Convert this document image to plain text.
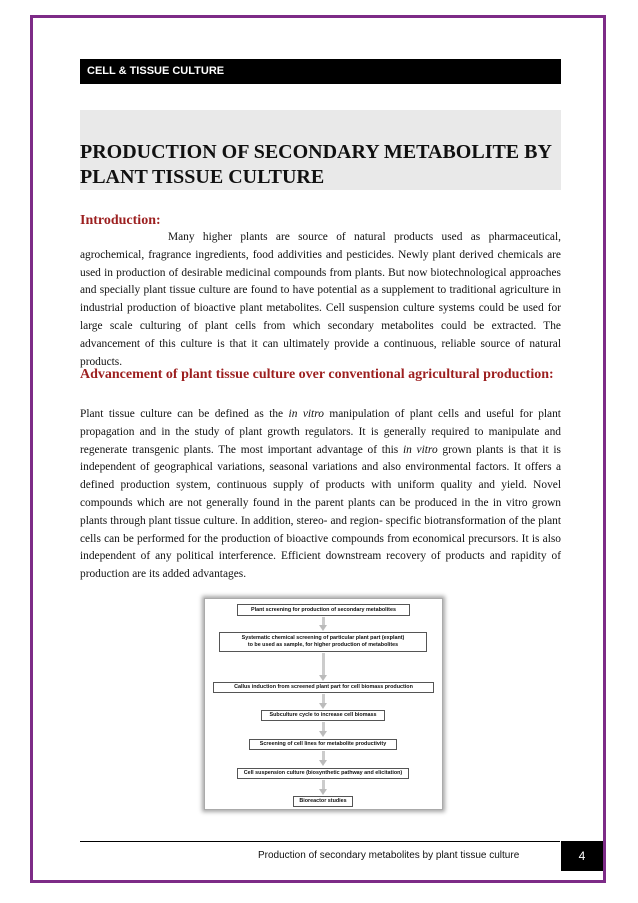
CELL & TISSUE CULTURE
PRODUCTION OF SECONDARY METABOLITE BY PLANT TISSUE CULTURE
Introduction:

Many higher plants are source of natural products used as pharmaceutical, agrochemical, fragrance ingredients, food addivities and pesticides. Newly plant derived chemicals are used in production of desirable medicinal compounds from plants. But now biotechnological approaches and specially plant tissue culture are found to have potential as a supplement to traditional agriculture in industrial production of bioactive plant metabolites. Cell suspension culture systems could be used for large scale culturing of plant cells from which secondary metabolites could be extracted. The advancement of this culture is that it can ultimately provide a continuous, reliable source of natural products.

Advancement of plant tissue culture over conventional agricultural production:

Plant tissue culture can be defined as the in vitro manipulation of plant cells and useful for plant propagation and in the study of plant growth regulators. It is generally required to manipulate and regenerate transgenic plants. The most important advantage of this in vitro grown plants is that it is independent of geographical variations, seasonal variations and also environmental factors. It offers a defined production system, continuous supply of products with uniform quality and yield. Novel compounds which are not generally found in the parent plants can be produced in the in vitro grown plants through plant tissue culture. In addition, stereo- and region- specific biotransformation of the plant cells can be performed for the production of bioactive compounds from economical precursors. It is also independent of any political interference. Efficient downstream recovery of products and rapidity of production are its added advantages.

Plant screening for production of secondary metabolites
Systematic chemical screening of particular plant part (explant)
to be used as sample, for higher production of metabolites
Callus induction from screened plant part for cell biomass production
Subculture cycle to increase cell biomass
Screening of cell lines for metabolite productivity
Cell suspension culture (biosynthetic pathway and elicitation)
Bioreactor studies
Production of secondary metabolites by plant tissue culture	4
